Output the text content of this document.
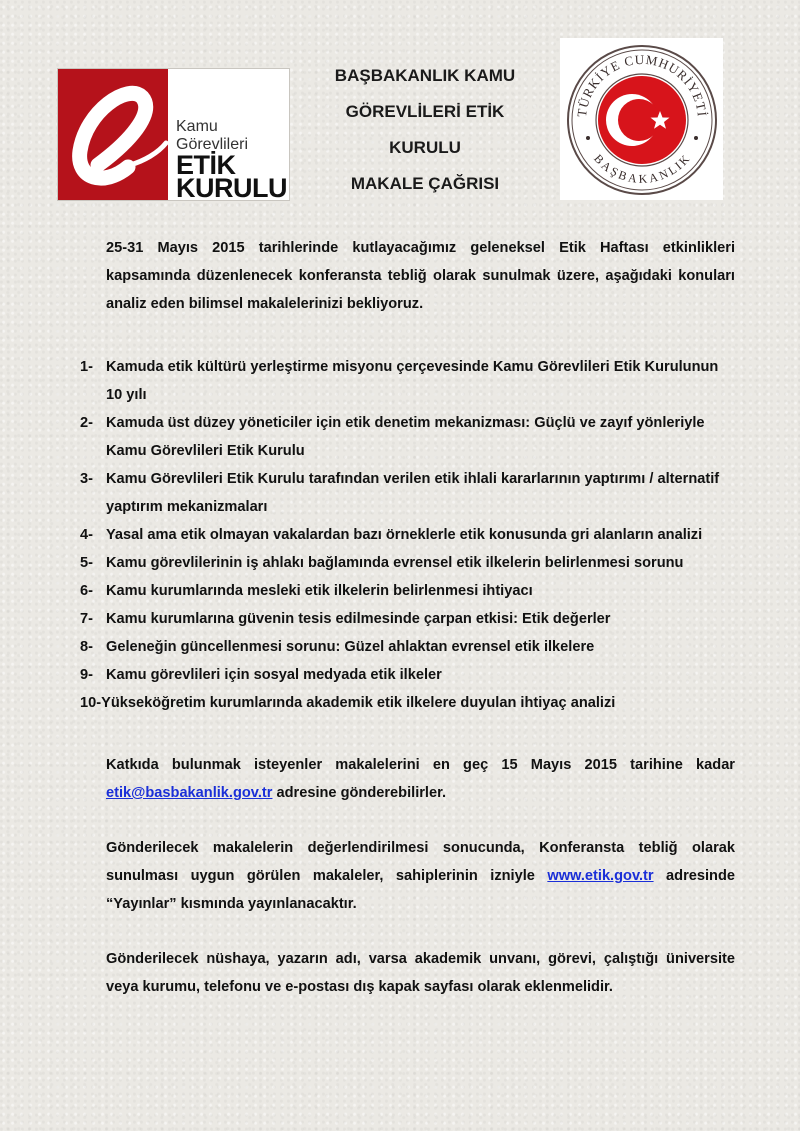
Kamu
Görevlileri
ETİK
KURULU
BAŞBAKANLIK KAMU
GÖREVLİLERİ ETİK
KURULU
MAKALE ÇAĞRISI
TÜRKİYE CUMHURİYETİ
BAŞBAKANLIK
25-31 Mayıs 2015 tarihlerinde kutlayacağımız geleneksel Etik Haftası etkinlikleri kapsamında düzenlenecek konferansta tebliğ olarak sunulmak üzere, aşağıdaki konuları analiz eden bilimsel makalelerinizi bekliyoruz.
1- Kamuda etik kültürü yerleştirme misyonu çerçevesinde Kamu Görevlileri Etik Kurulunun 10 yılı
2- Kamuda üst düzey yöneticiler için etik denetim mekanizması: Güçlü ve zayıf yönleriyle Kamu Görevlileri Etik Kurulu
3- Kamu Görevlileri Etik Kurulu tarafından verilen etik ihlali kararlarının yaptırımı / alternatif yaptırım mekanizmaları
4- Yasal ama etik olmayan vakalardan bazı örneklerle etik konusunda gri alanların analizi
5- Kamu görevlilerinin iş ahlakı bağlamında evrensel etik ilkelerin belirlenmesi sorunu
6- Kamu kurumlarında mesleki etik ilkelerin belirlenmesi ihtiyacı
7- Kamu kurumlarına güvenin tesis edilmesinde çarpan etkisi: Etik değerler
8- Geleneğin güncellenmesi sorunu: Güzel ahlaktan evrensel etik ilkelere
9- Kamu görevlileri için sosyal medyada etik ilkeler
10-Yükseköğretim kurumlarında akademik etik ilkelere duyulan ihtiyaç analizi
Katkıda bulunmak isteyenler makalelerini en geç 15 Mayıs 2015 tarihine kadar etik@basbakanlik.gov.tr adresine gönderebilirler.
Gönderilecek makalelerin değerlendirilmesi sonucunda, Konferansta tebliğ olarak sunulması uygun görülen makaleler, sahiplerinin izniyle www.etik.gov.tr adresinde “Yayınlar” kısmında yayınlanacaktır.
Gönderilecek nüshaya, yazarın adı, varsa akademik unvanı, görevi, çalıştığı üniversite veya kurumu, telefonu ve e-postası dış kapak sayfası olarak eklenmelidir.
